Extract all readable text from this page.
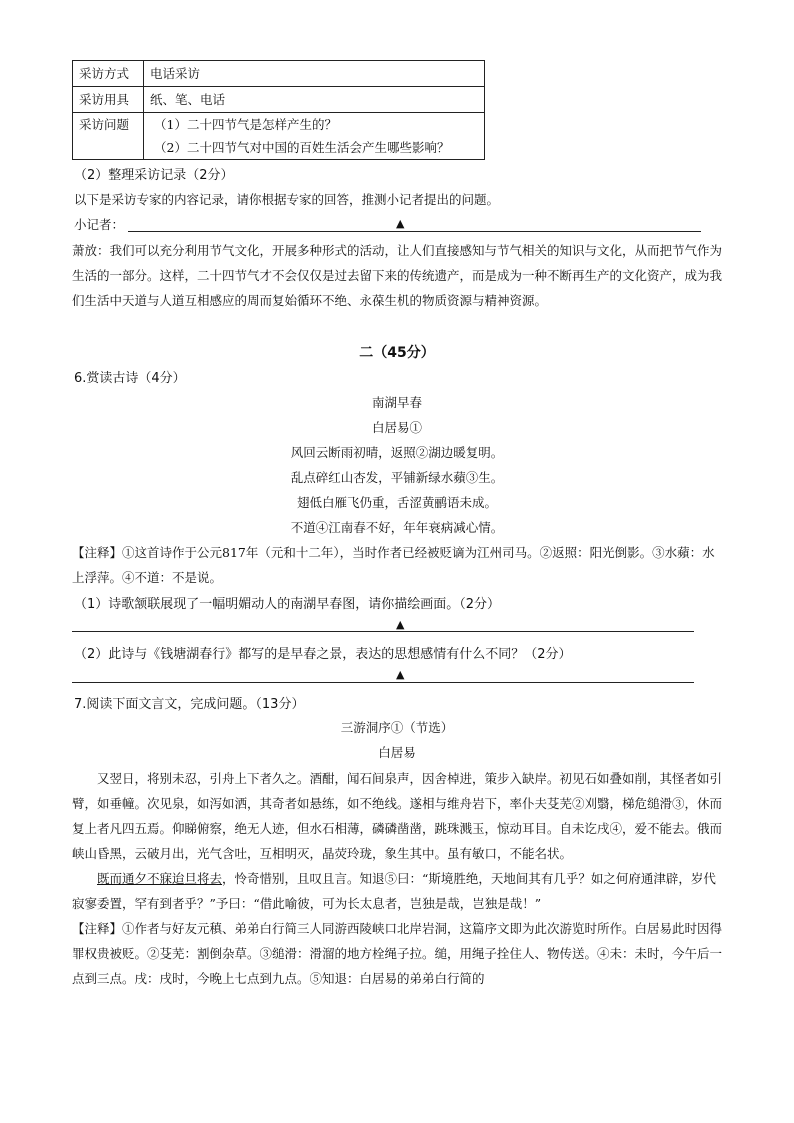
采访方式	电话采访
采访用具	纸、笔、电话
采访问题	（1）二十四节气是怎样产生的？
（2）二十四节气对中国的百姓生活会产生哪些影响？
（2）整理采访记录（2分）
以下是采访专家的内容记录，请你根据专家的回答，推测小记者提出的问题。
小记者：	▲

萧放：我们可以充分利用节气文化，开展多种形式的活动，让人们直接感知与节气相关的知识与文化，从而把节气作为生活的一部分。这样，二十四节气才不会仅仅是过去留下来的传统遗产，而是成为一种不断再生产的文化资产，成为我们生活中天道与人道互相感应的周而复始循环不绝、永葆生机的物质资源与精神资源。

二（45分）
6.赏读古诗（4分）
南湖早春
白居易①
风回云断雨初晴，返照②湖边暖复明。
乱点碎红山杏发，平铺新绿水蘋③生。
翅低白雁飞仍重，舌涩黄鹂语未成。
不道④江南春不好，年年衰病减心情。

【注释】①这首诗作于公元817年（元和十二年），当时作者已经被贬谪为江州司马。②返照：阳光倒影。③水蘋：水上浮萍。④不道：不是说。

（1）诗歌颔联展现了一幅明媚动人的南湖早春图，请你描绘画面。（2分）
▲
（2）此诗与《钱塘湖春行》都写的是早春之景，表达的思想感情有什么不同？（2分）
▲
7.阅读下面文言文，完成问题。（13分）
三游洞序①（节选）
白居易

又翌日，将别未忍，引舟上下者久之。酒酣，闻石间泉声，因舍棹进，策步入缺岸。初见石如叠如削，其怪者如引臂，如垂幢。次见泉，如泻如洒，其奇者如悬练，如不绝线。遂相与维舟岩下，率仆夫芟芜②刈翳，梯危缒滑③，休而复上者凡四五焉。仰睇俯察，绝无人迹，但水石相薄，磷磷凿凿，跳珠溅玉，惊动耳目。自未讫戌④，爱不能去。俄而峡山昏黑，云破月出，光气含吐，互相明灭，晶荧玲珑，象生其中。虽有敏口，不能名状。

既而通夕不寐迨旦将去，怜奇惜别，且叹且言。知退⑤曰：“斯境胜绝，天地间其有几乎？如之何府通津辟，岁代寂寥委置，罕有到者乎？”予曰：“借此喻彼，可为长太息者，岂独是哉，岂独是哉！”

【注释】①作者与好友元稹、弟弟白行简三人同游西陵峡口北岸岩洞，这篇序文即为此次游览时所作。白居易此时因得罪权贵被贬。②芟芜：割倒杂草。③缒滑：滑溜的地方栓绳子拉。缒，用绳子拴住人、物传送。④未：未时，今午后一点到三点。戌：戌时，今晚上七点到九点。⑤知退：白居易的弟弟白行简的
